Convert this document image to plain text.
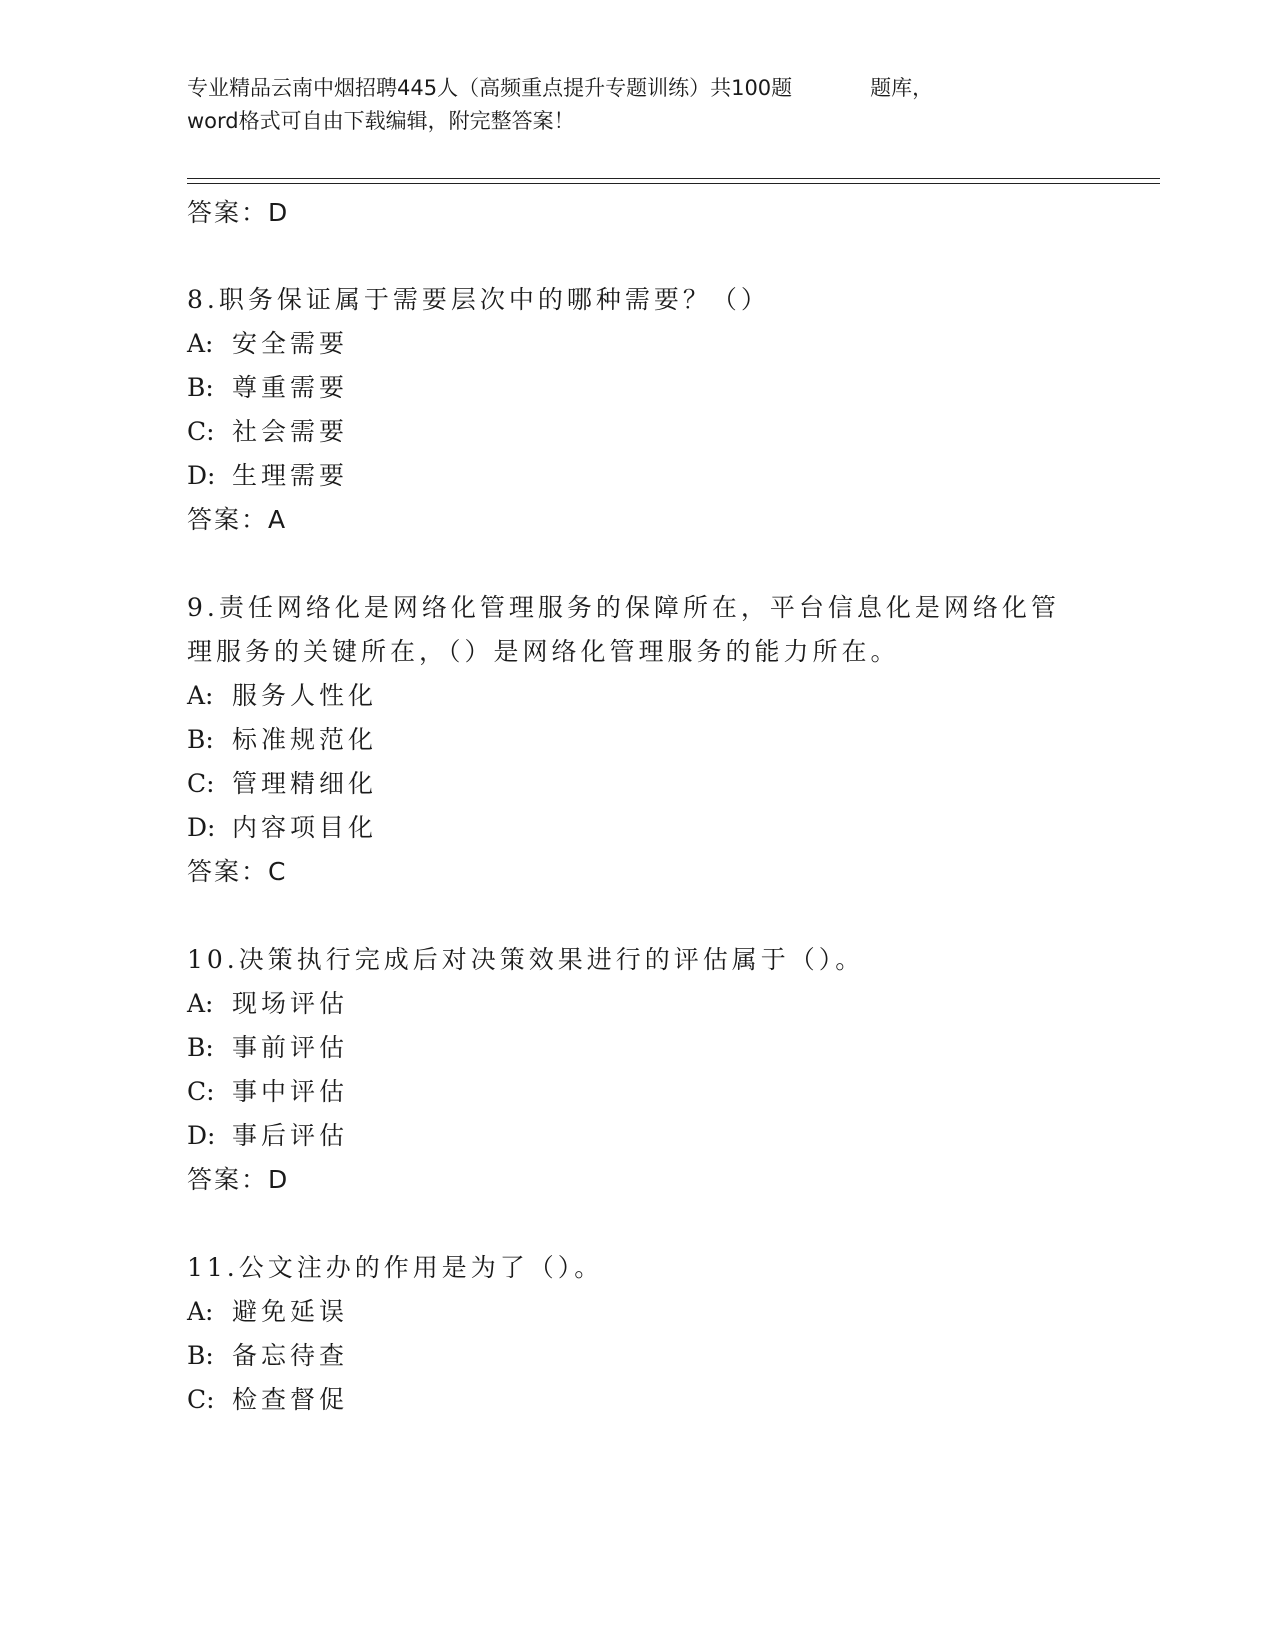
专业精品云南中烟招聘445人（高频重点提升专题训练）共100题	题库，
word格式可自由下载编辑，附完整答案！
答案：D
8.职务保证属于需要层次中的哪种需要？（）
A: 安全需要
B: 尊重需要
C: 社会需要
D: 生理需要
答案：A
9.责任网络化是网络化管理服务的保障所在，平台信息化是网络化管
理服务的关键所在，（）是网络化管理服务的能力所在。
A: 服务人性化
B: 标准规范化
C: 管理精细化
D: 内容项目化
答案：C
10.决策执行完成后对决策效果进行的评估属于（）。
A: 现场评估
B: 事前评估
C: 事中评估
D: 事后评估
答案：D
11.公文注办的作用是为了（）。
A: 避免延误
B: 备忘待查
C: 检查督促
